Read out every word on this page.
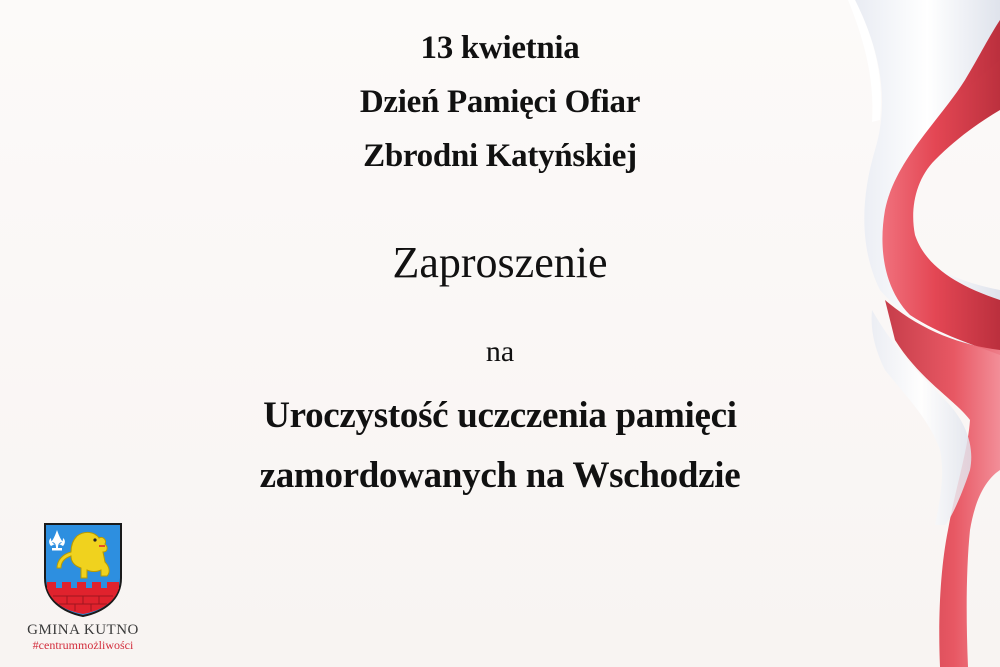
13 kwietnia
Dzień Pamięci Ofiar
Zbrodni Katyńskiej
Zaproszenie
na
Uroczystość uczczenia pamięci
zamordowanych na Wschodzie
GMINA KUTNO
#centrummożliwości
